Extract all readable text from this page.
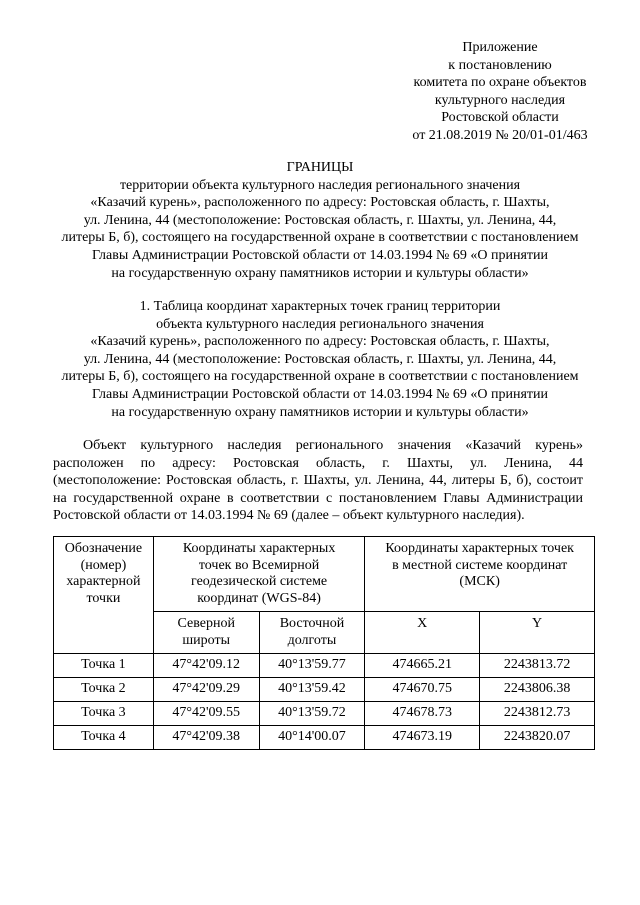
Приложение
к постановлению
комитета по охране объектов
культурного наследия
Ростовской области
от 21.08.2019 № 20/01-01/463
ГРАНИЦЫ
территории объекта культурного наследия регионального значения
«Казачий курень», расположенного по адресу: Ростовская область, г. Шахты,
ул. Ленина, 44 (местоположение: Ростовская область, г. Шахты, ул. Ленина, 44,
литеры Б, б), состоящего на государственной охране в соответствии с постановлением
Главы Администрации Ростовской области от 14.03.1994 № 69 «О принятии
на государственную охрану памятников истории и культуры области»
1. Таблица координат характерных точек границ территории
объекта культурного наследия регионального значения
«Казачий курень», расположенного по адресу: Ростовская область, г. Шахты,
ул. Ленина, 44 (местоположение: Ростовская область, г. Шахты, ул. Ленина, 44,
литеры Б, б), состоящего на государственной охране в соответствии с постановлением
Главы Администрации Ростовской области от 14.03.1994 № 69 «О принятии
на государственную охрану памятников истории и культуры области»
Объект культурного наследия регионального значения «Казачий курень»
расположен по адресу: Ростовская область, г. Шахты, ул. Ленина, 44
(местоположение: Ростовская область, г. Шахты, ул. Ленина, 44, литеры Б, б), состоит
на государственной охране в соответствии с постановлением Главы Администрации
Ростовской области от 14.03.1994 № 69 (далее – объект культурного наследия).
Обозначение
(номер)
характерной
точки	Координаты характерных
точек во Всемирной
геодезической системе
координат (WGS-84)		Координаты характерных точек
в местной системе координат
(МСК)	

	Северной
широты	Восточной
долготы	X	Y
Точка 1	47°42'09.12	40°13'59.77	474665.21	2243813.72
Точка 2	47°42'09.29	40°13'59.42	474670.75	2243806.38
Точка 3	47°42'09.55	40°13'59.72	474678.73	2243812.73
Точка 4	47°42'09.38	40°14'00.07	474673.19	2243820.07
